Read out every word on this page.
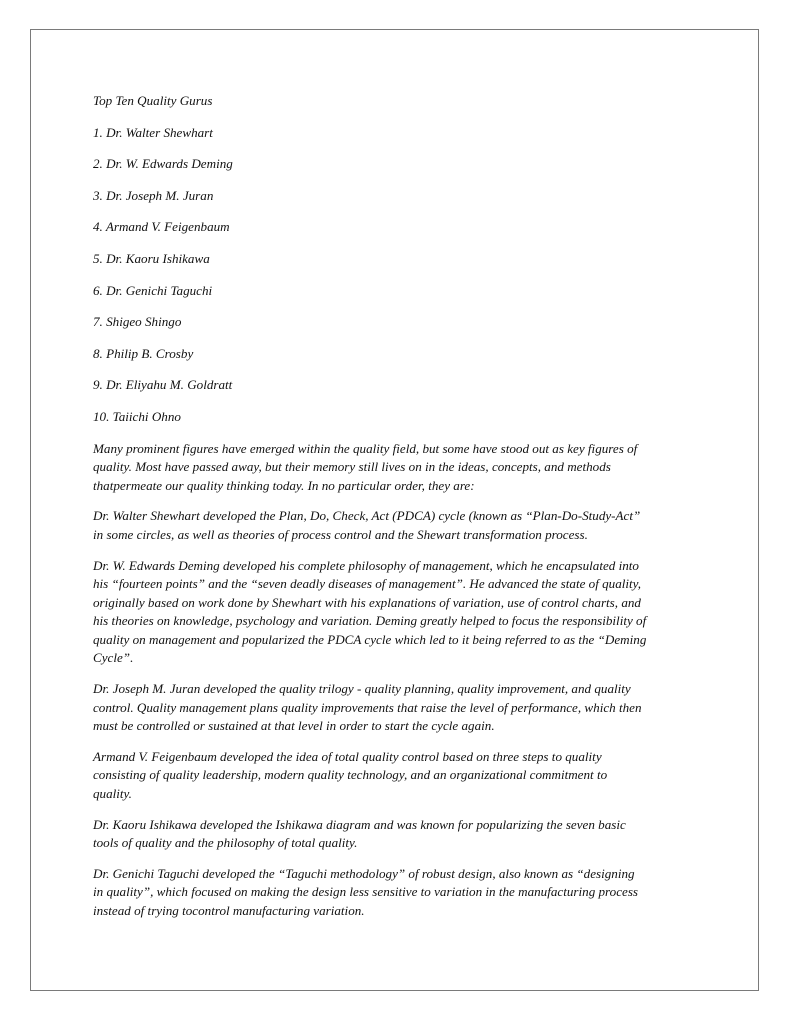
Top Ten Quality Gurus
1. Dr. Walter Shewhart
2. Dr. W. Edwards Deming
3. Dr. Joseph M. Juran
4. Armand V. Feigenbaum
5. Dr. Kaoru Ishikawa
6. Dr. Genichi Taguchi
7. Shigeo Shingo
8. Philip B. Crosby
9. Dr. Eliyahu M. Goldratt
10. Taiichi Ohno
Many prominent figures have emerged within the quality field, but some have stood out as key figures of
quality. Most have passed away, but their memory still lives on in the ideas, concepts, and methods
thatpermeate our quality thinking today. In no particular order, they are:
Dr. Walter Shewhart developed the Plan, Do, Check, Act (PDCA) cycle (known as “Plan-Do-Study-Act”
in some circles, as well as theories of process control and the Shewart transformation process.
Dr. W. Edwards Deming developed his complete philosophy of management, which he encapsulated into
his “fourteen points” and the “seven deadly diseases of management”. He advanced the state of quality,
originally based on work done by Shewhart with his explanations of variation, use of control charts, and
his theories on knowledge, psychology and variation. Deming greatly helped to focus the responsibility of
quality on management and popularized the PDCA cycle which led to it being referred to as the “Deming
Cycle”.
Dr. Joseph M. Juran developed the quality trilogy - quality planning, quality improvement, and quality
control. Quality management plans quality improvements that raise the level of performance, which then
must be controlled or sustained at that level in order to start the cycle again.
Armand V. Feigenbaum developed the idea of total quality control based on three steps to quality
consisting of quality leadership, modern quality technology, and an organizational commitment to
quality.
Dr. Kaoru Ishikawa developed the Ishikawa diagram and was known for popularizing the seven basic
tools of quality and the philosophy of total quality.
Dr. Genichi Taguchi developed the “Taguchi methodology” of robust design, also known as “designing
in quality”, which focused on making the design less sensitive to variation in the manufacturing process
instead of trying tocontrol manufacturing variation.
